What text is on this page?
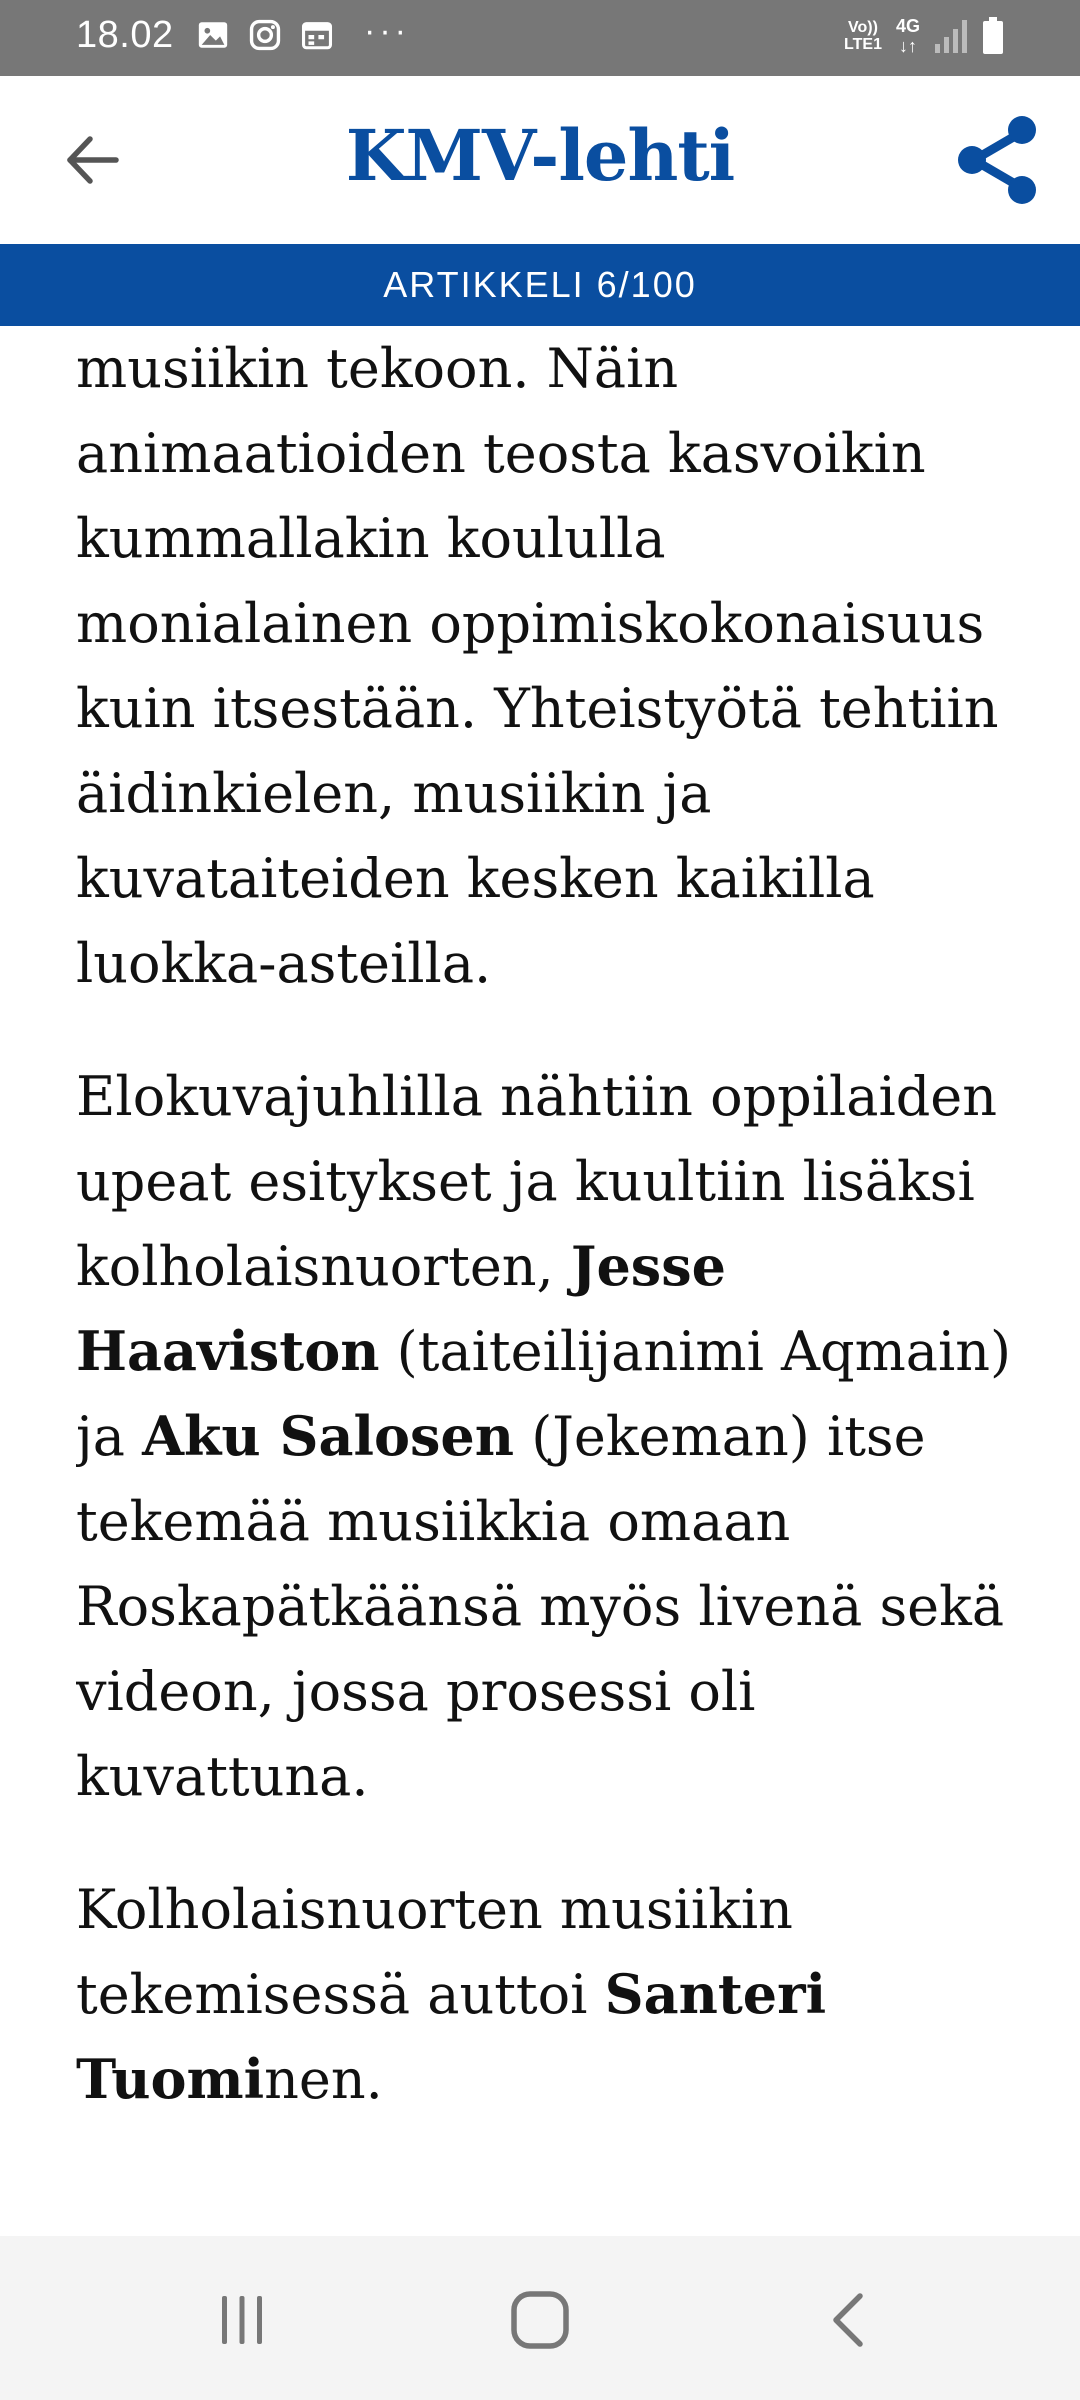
18.02	···	Vo))
LTE1
4G
↓↑
KMV-lehti
ARTIKKELI 6/100

musiikin tekoon. Näin animaatioiden teosta kasvoikin kummallakin koululla monialainen oppimiskokonaisuus kuin itsestään. Yhteistyötä tehtiin äidinkielen, musiikin ja kuvataiteiden kesken kaikilla luokka-asteilla.

Elokuvajuhlilla nähtiin oppilaiden upeat esitykset ja kuultiin lisäksi kolholaisnuorten, Jesse Haaviston (taiteilijanimi Aqmain) ja Aku Salosen (Jekeman) itse tekemää musiikkia omaan Roskapätkäänsä myös livenä sekä videon, jossa prosessi oli kuvattuna.

Kolholaisnuorten musiikin tekemisessä auttoi Santeri Tuominen.
